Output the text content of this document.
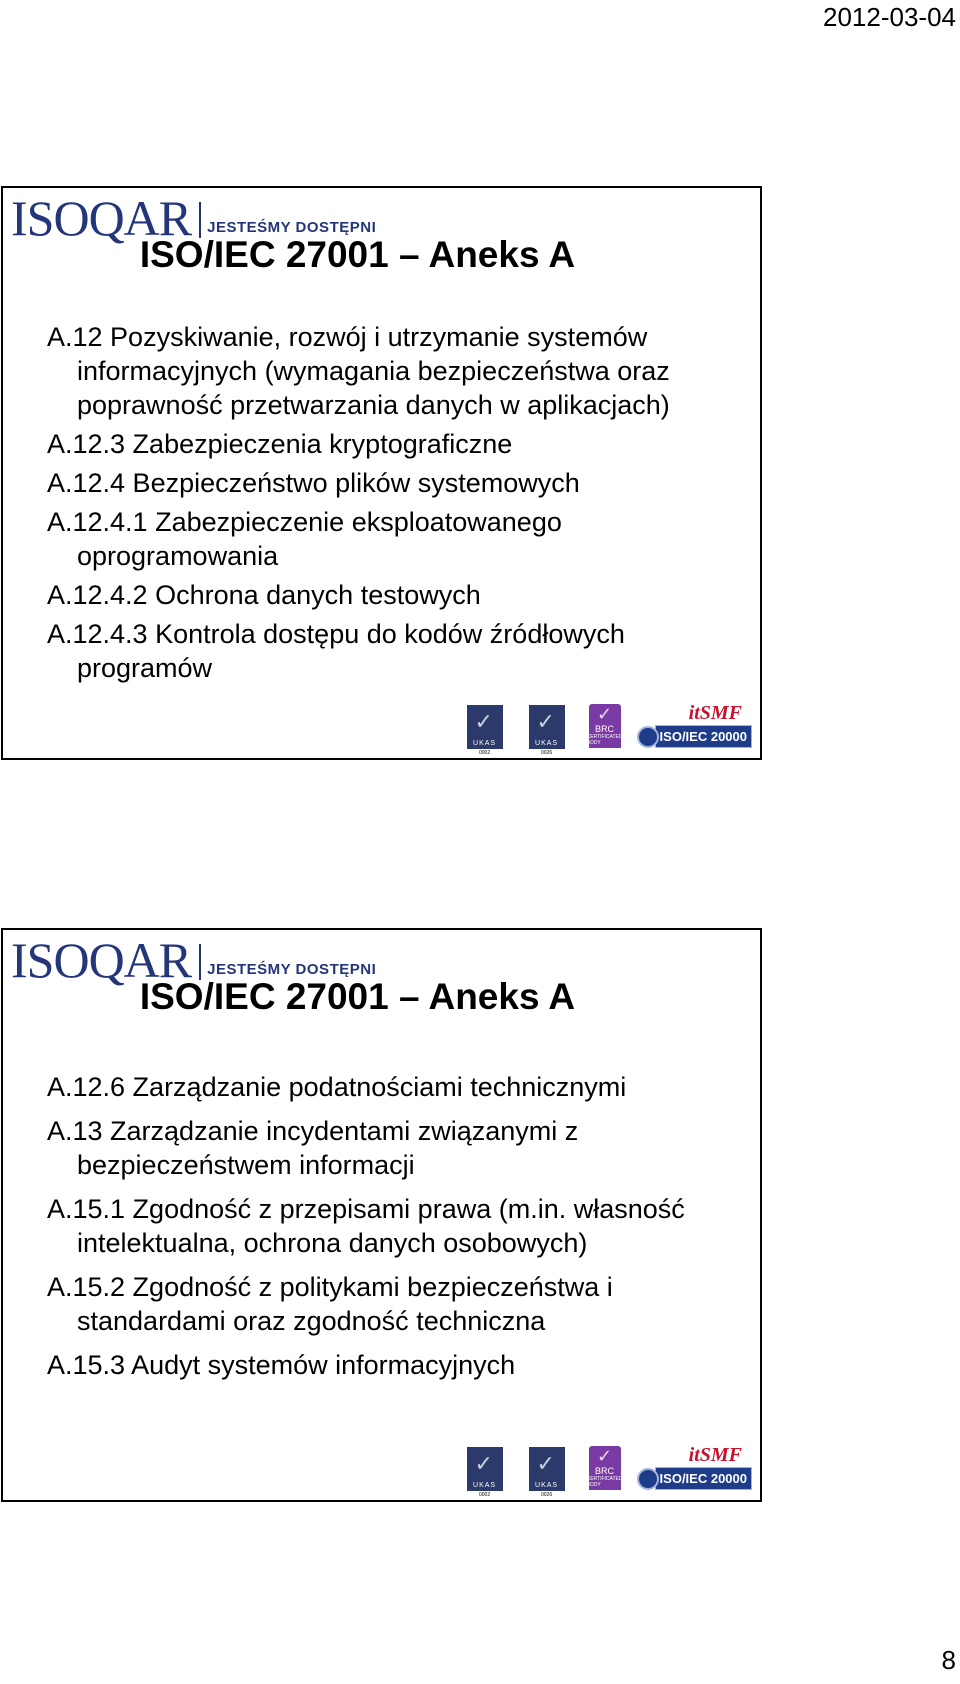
2012-03-04
ISOQAR JESTEŚMY DOSTĘPNI
ISO/IEC 27001 – Aneks A
A.12 Pozyskiwanie, rozwój i utrzymanie systemów informacyjnych (wymagania bezpieczeństwa oraz poprawność przetwarzania danych w aplikacjach)
A.12.3 Zabezpieczenia kryptograficzne
A.12.4 Bezpieczeństwo plików systemowych
A.12.4.1 Zabezpieczenie eksploatowanego oprogramowania
A.12.4.2 Ochrona danych testowych
A.12.4.3 Kontrola dostępu do kodów źródłowych programów
UKAS
✓
0002
UKAS
✓
0026
✓ BRC
CERTIFICATED BODY
itSMF
ISO/IEC 20000
ISOQAR JESTEŚMY DOSTĘPNI
ISO/IEC 27001 – Aneks A
A.12.6 Zarządzanie podatnościami technicznymi
A.13 Zarządzanie incydentami związanymi z bezpieczeństwem informacji
A.15.1 Zgodność z przepisami prawa (m.in. własność intelektualna, ochrona danych osobowych)
A.15.2 Zgodność z politykami bezpieczeństwa i standardami oraz zgodność techniczna
A.15.3 Audyt systemów informacyjnych
UKAS
✓
0002
UKAS
✓
0026
✓ BRC
CERTIFICATED BODY
itSMF
ISO/IEC 20000
8
